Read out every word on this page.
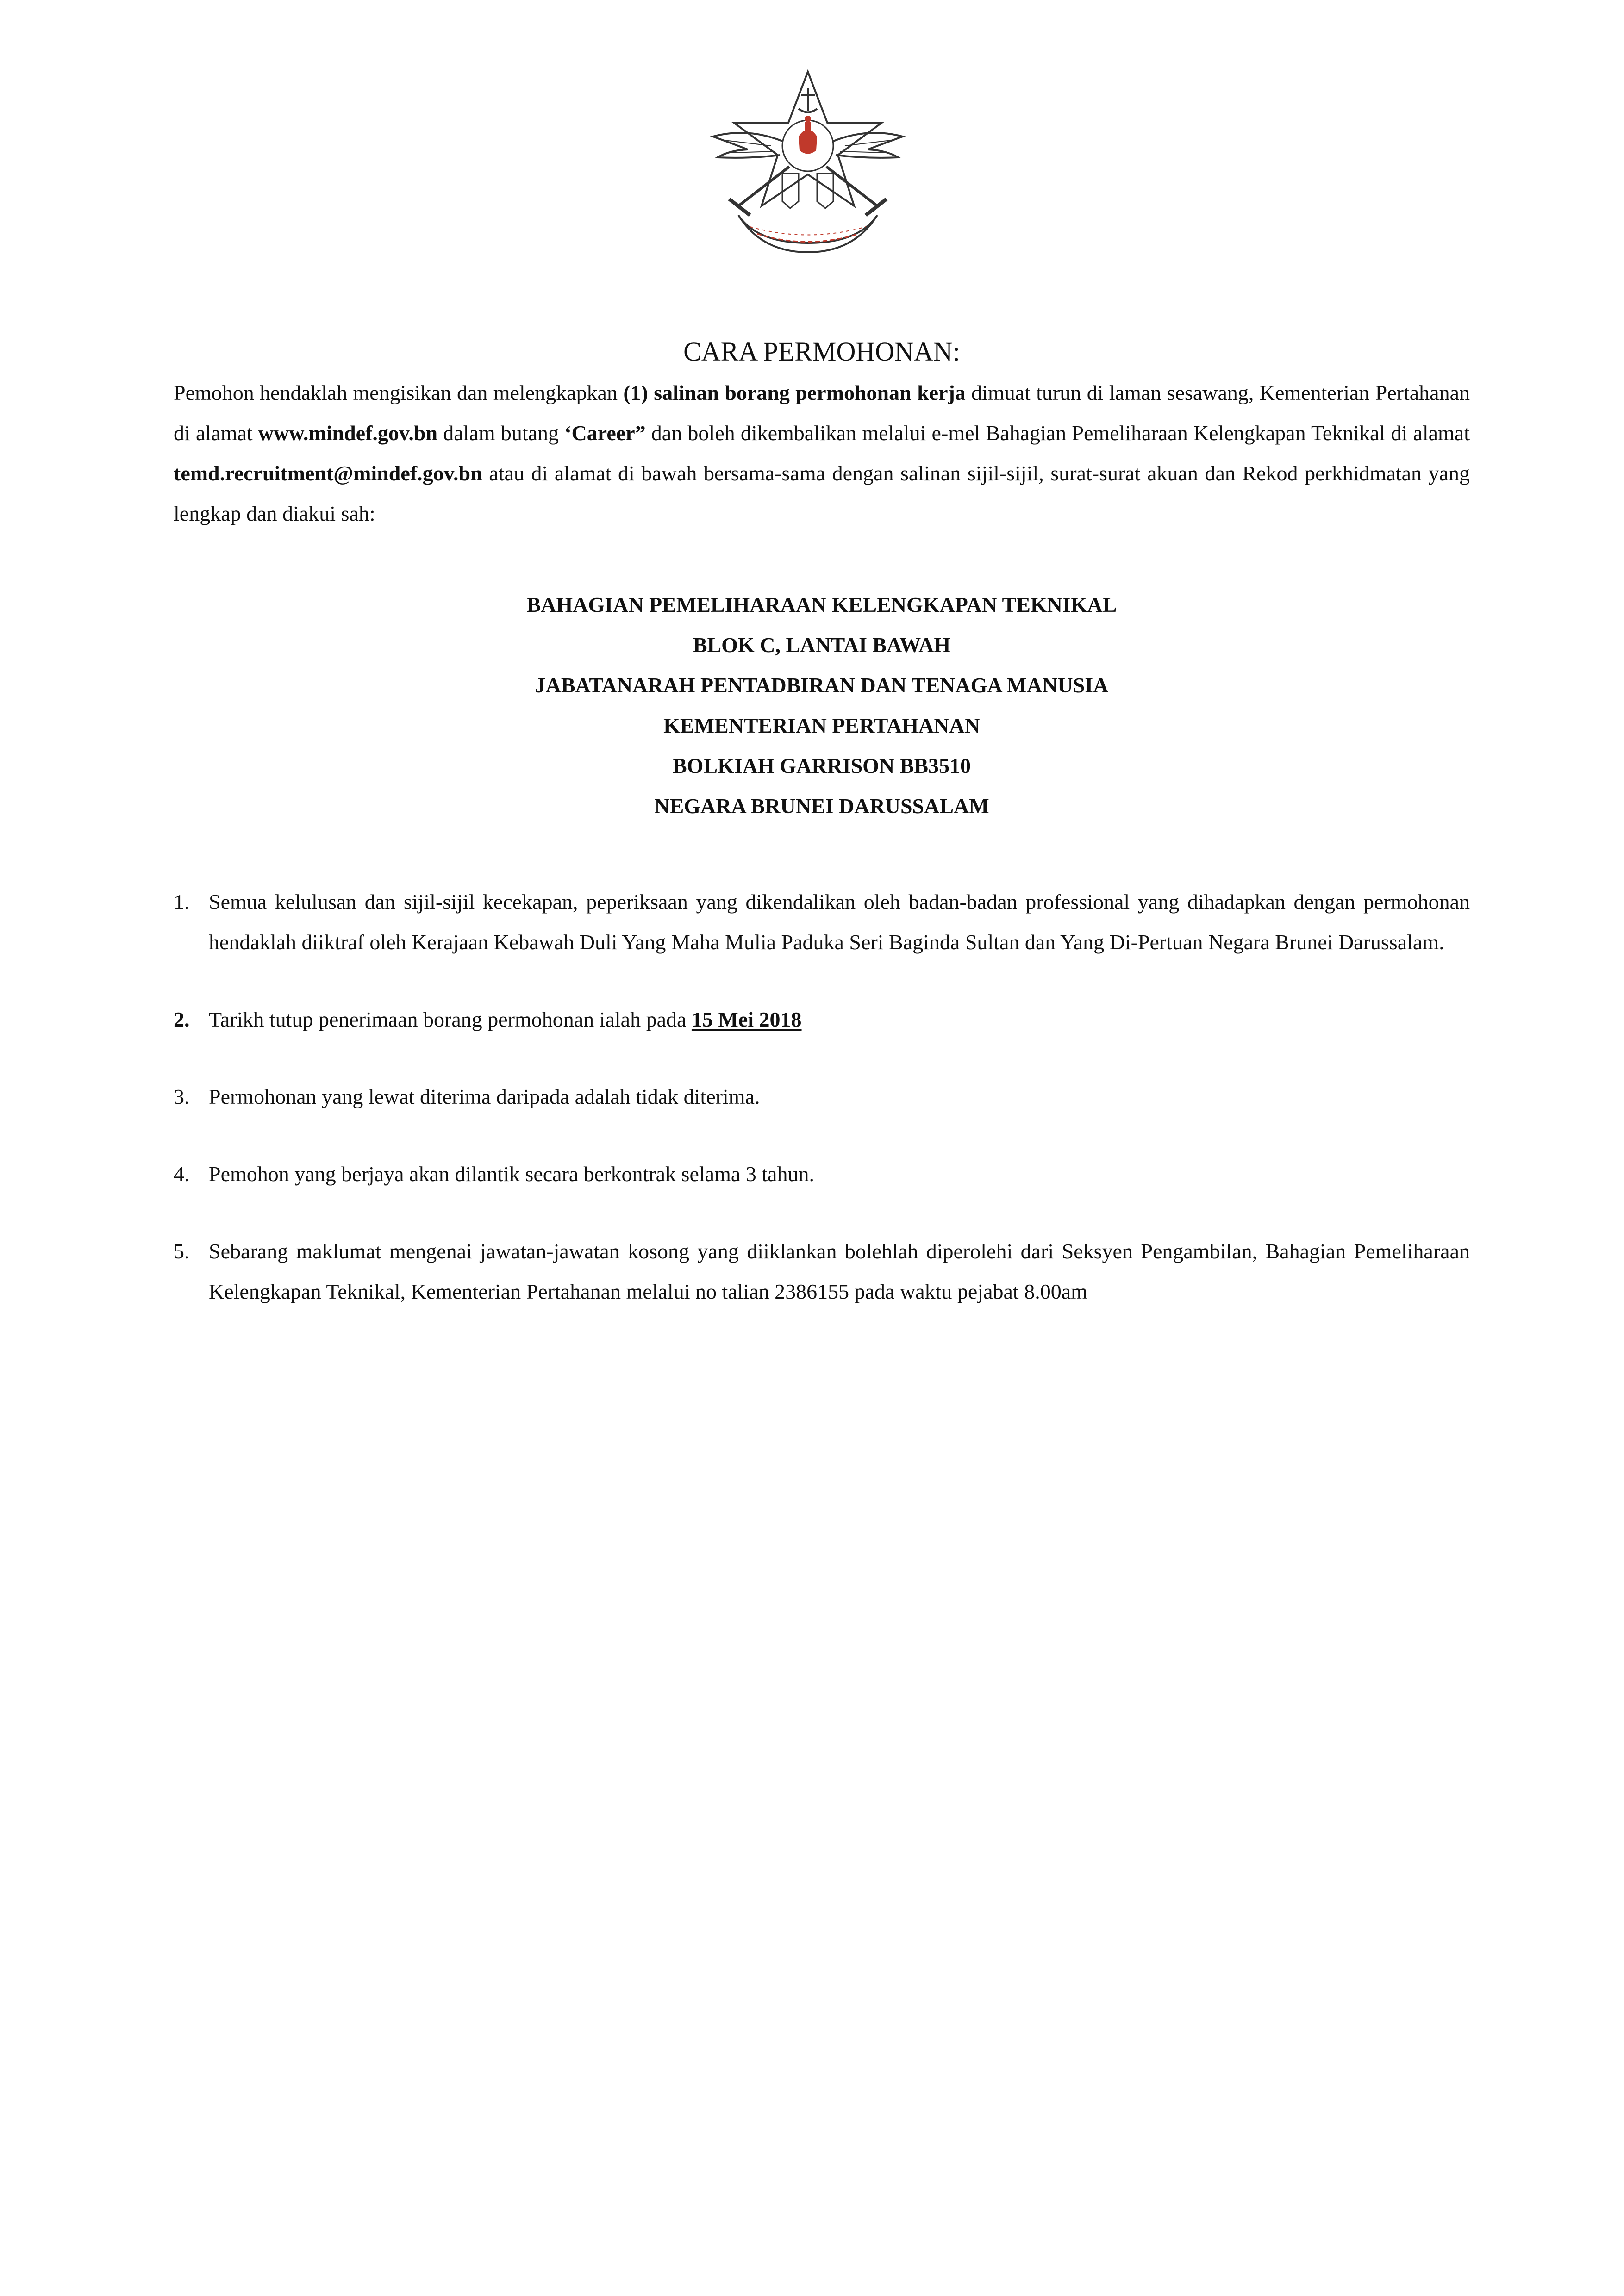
CARA PERMOHONAN:

Pemohon hendaklah mengisikan dan melengkapkan (1) salinan borang permohonan kerja dimuat turun di laman sesawang, Kementerian Pertahanan di alamat www.mindef.gov.bn dalam butang ‘Career” dan boleh dikembalikan melalui e-mel Bahagian Pemeliharaan Kelengkapan Teknikal di alamat temd.recruitment@mindef.gov.bn atau di alamat di bawah bersama-sama dengan salinan sijil-sijil, surat-surat akuan dan Rekod perkhidmatan yang lengkap dan diakui sah:

BAHAGIAN PEMELIHARAAN KELENGKAPAN TEKNIKAL
BLOK C, LANTAI BAWAH
JABATANARAH PENTADBIRAN DAN TENAGA MANUSIA
KEMENTERIAN PERTAHANAN
BOLKIAH GARRISON BB3510
NEGARA BRUNEI DARUSSALAM
1. Semua kelulusan dan sijil-sijil kecekapan, peperiksaan yang dikendalikan oleh badan-badan professional yang dihadapkan dengan permohonan hendaklah diiktraf oleh Kerajaan Kebawah Duli Yang Maha Mulia Paduka Seri Baginda Sultan dan Yang Di-Pertuan Negara Brunei Darussalam.
2. Tarikh tutup penerimaan borang permohonan ialah pada 15 Mei 2018
3. Permohonan yang lewat diterima daripada adalah tidak diterima.
4. Pemohon yang berjaya akan dilantik secara berkontrak selama 3 tahun.
5. Sebarang maklumat mengenai jawatan-jawatan kosong yang diiklankan bolehlah diperolehi dari Seksyen Pengambilan, Bahagian Pemeliharaan Kelengkapan Teknikal, Kementerian Pertahanan melalui no talian 2386155 pada waktu pejabat 8.00am
